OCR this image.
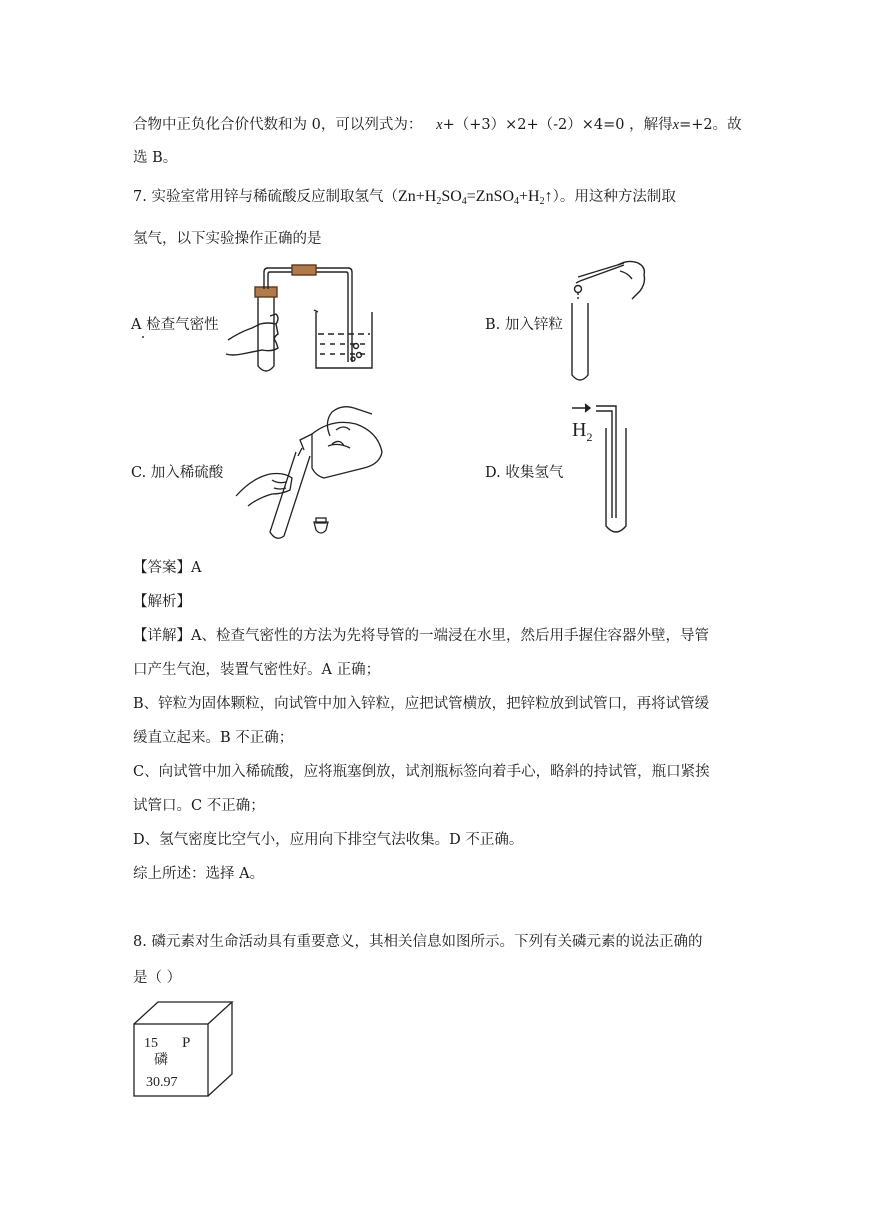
合物中正负化合价代数和为 0，可以列式为： x+（+3）×2+（-2）×4=0 ，解得x=+2。故
选 B。
7. 实验室常用锌与稀硫酸反应制取氢气$(Zn+H_2SO_4=ZnSO_4+H_2↑)$。用这种方法制取
氢气，以下实验操作正确的是
A 检查气密性	B. 加入锌粒
C. 加入稀硫酸	D. 收集氢气
$H_2$
【答案】A
【解析】
【详解】A、检查气密性的方法为先将导管的一端浸在水里，然后用手握住容器外壁，导管
口产生气泡，装置气密性好。A 正确；
B、锌粒为固体颗粒，向试管中加入锌粒，应把试管横放，把锌粒放到试管口，再将试管缓
缓直立起来。B 不正确；
C、向试管中加入稀硫酸，应将瓶塞倒放，试剂瓶标签向着手心，略斜的持试管，瓶口紧挨
试管口。C 不正确；
D、氢气密度比空气小，应用向下排空气法收集。D 不正确。
综上所述：选择 A。
8. 磷元素对生命活动具有重要意义，其相关信息如图所示。下列有关磷元素的说法正确的
是（ ）
15 P
磷
30.97
